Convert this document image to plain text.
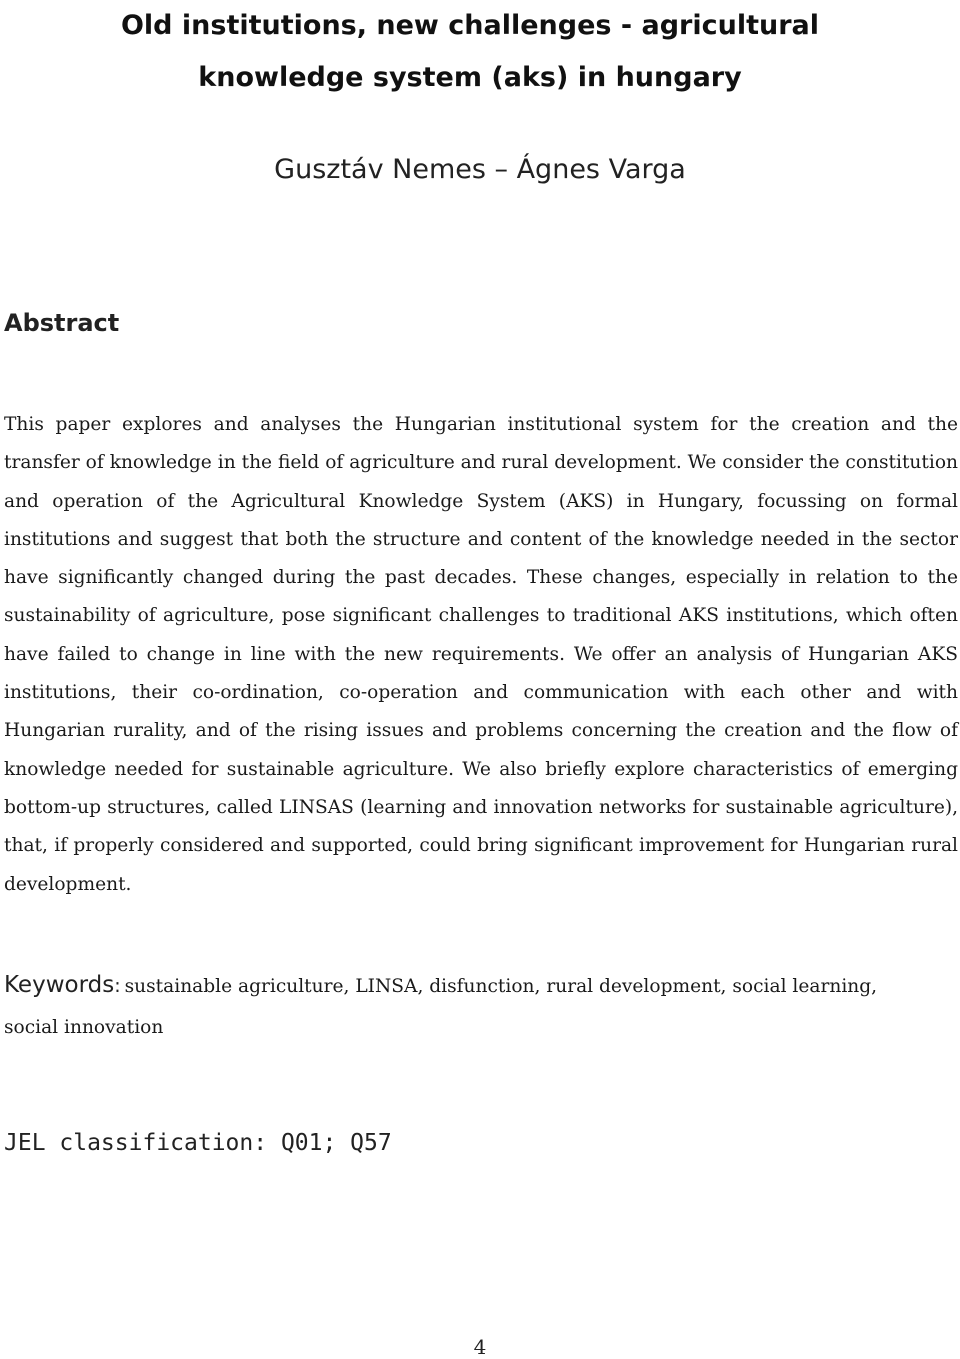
Old institutions, new challenges - agricultural knowledge system (aks) in hungary
Gusztáv Nemes – Ágnes Varga
Abstract

This paper explores and analyses the Hungarian institutional system for the creation and the transfer of knowledge in the field of agriculture and rural development. We consider the constitution and operation of the Agricultural Knowledge System (AKS) in Hungary, focussing on formal institutions and suggest that both the structure and content of the knowledge needed in the sector have significantly changed during the past decades. These changes, especially in relation to the sustainability of agriculture, pose significant challenges to traditional AKS institutions, which often have failed to change in line with the new requirements. We offer an analysis of Hungarian AKS institutions, their co-ordination, co-operation and communication with each other and with Hungarian rurality, and of the rising issues and problems concerning the creation and the flow of knowledge needed for sustainable agriculture. We also briefly explore characteristics of emerging bottom-up structures, called LINSAS (learning and innovation networks for sustainable agriculture), that, if properly considered and supported, could bring significant improvement for Hungarian rural development.

Keywords: sustainable agriculture, LINSA, disfunction, rural development, social learning, social innovation

JEL classification: Q01; Q57

4
